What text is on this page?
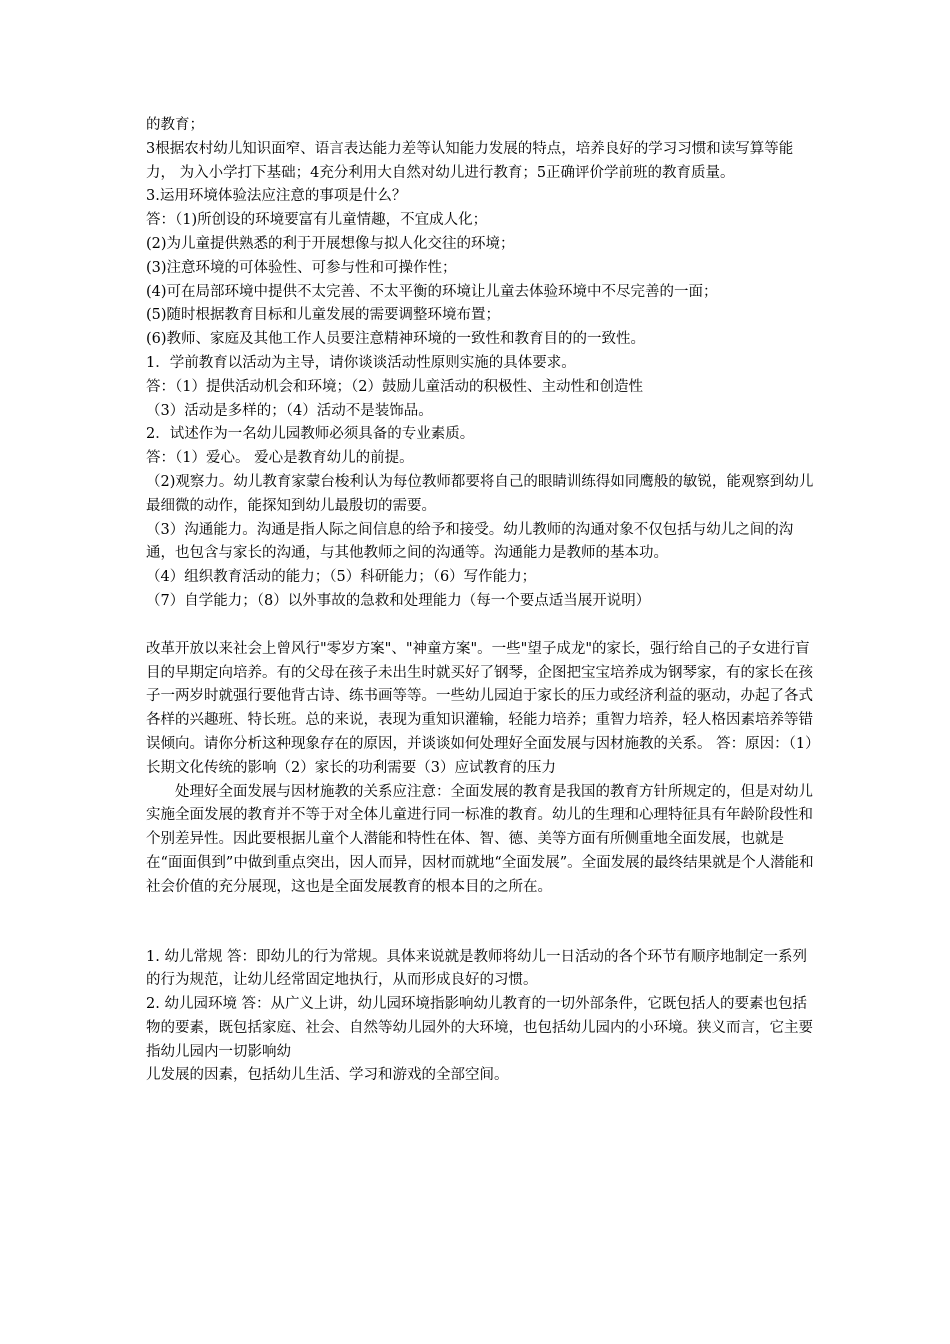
的教育；

3根据农村幼儿知识面窄、语言表达能力差等认知能力发展的特点，培养良好的学习习惯和读写算等能力， 为入小学打下基础；4充分利用大自然对幼儿进行教育；5正确评价学前班的教育质量。

3.运用环境体验法应注意的事项是什么？

答：（1)所创设的环境要富有儿童情趣，不宜成人化；

(2)为儿童提供熟悉的利于开展想像与拟人化交往的环境；

(3)注意环境的可体验性、可参与性和可操作性；

(4)可在局部环境中提供不太完善、不太平衡的环境让儿童去体验环境中不尽完善的一面；

(5)随时根据教育目标和儿童发展的需要调整环境布置；

(6)教师、家庭及其他工作人员要注意精神环境的一致性和教育目的的一致性。

1．学前教育以活动为主导，请你谈谈活动性原则实施的具体要求。

答：（1）提供活动机会和环境；（2）鼓励儿童活动的积极性、主动性和创造性

（3）活动是多样的；（4）活动不是装饰品。

2．试述作为一名幼儿园教师必须具备的专业素质。

答：（1）爱心。 爱心是教育幼儿的前提。

（2)观察力。幼儿教育家蒙台梭利认为每位教师都要将自己的眼睛训练得如同鹰般的敏锐，能观察到幼儿最细微的动作，能探知到幼儿最殷切的需要。

（3）沟通能力。沟通是指人际之间信息的给予和接受。幼儿教师的沟通对象不仅包括与幼儿之间的沟通，也包含与家长的沟通，与其他教师之间的沟通等。沟通能力是教师的基本功。

（4）组织教育活动的能力；（5）科研能力；（6）写作能力；

（7）自学能力；（8）以外事故的急救和处理能力（每一个要点适当展开说明）

改革开放以来社会上曾风行"零岁方案"、"神童方案"。一些"望子成龙"的家长，强行给自己的子女进行盲目的早期定向培养。有的父母在孩子未出生时就买好了钢琴，企图把宝宝培养成为钢琴家，有的家长在孩子一两岁时就强行要他背古诗、练书画等等。一些幼儿园迫于家长的压力或经济利益的驱动，办起了各式各样的兴趣班、特长班。总的来说，表现为重知识灌输，轻能力培养；重智力培养，轻人格因素培养等错误倾向。请你分析这种现象存在的原因，并谈谈如何处理好全面发展与因材施教的关系。 答：原因：（1）长期文化传统的影响（2）家长的功利需要（3）应试教育的压力

处理好全面发展与因材施教的关系应注意：全面发展的教育是我国的教育方针所规定的，但是对幼儿实施全面发展的教育并不等于对全体儿童进行同一标准的教育。幼儿的生理和心理特征具有年龄阶段性和个别差异性。因此要根据儿童个人潜能和特性在体、智、德、美等方面有所侧重地全面发展，也就是在“面面俱到”中做到重点突出，因人而异，因材而就地“全面发展”。全面发展的最终结果就是个人潜能和社会价值的充分展现，这也是全面发展教育的根本目的之所在。

1. 幼儿常规 答：即幼儿的行为常规。具体来说就是教师将幼儿一日活动的各个环节有顺序地制定一系列的行为规范，让幼儿经常固定地执行，从而形成良好的习惯。

2. 幼儿园环境 答：从广义上讲，幼儿园环境指影响幼儿教育的一切外部条件，它既包括人的要素也包括物的要素，既包括家庭、社会、自然等幼儿园外的大环境，也包括幼儿园内的小环境。狭义而言，它主要指幼儿园内一切影响幼

儿发展的因素，包括幼儿生活、学习和游戏的全部空间。
